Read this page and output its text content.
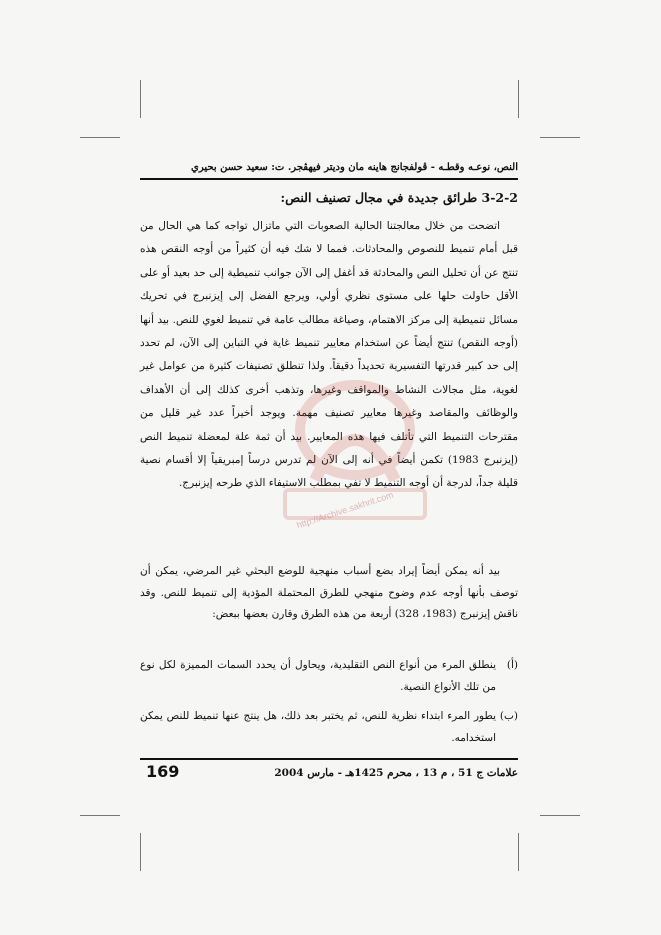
النص، نوعـه وقطـه - ڤولفجانج هاينه مان وديتر فيهڤجر. ت: سعيد حسن بحيري
3-2-2 طرائق جديدة في مجال تصنيف النص:

اتضحت من خلال معالجتنا الحالية الصعوبات التي ماتزال تواجه كما هي الحال من قبل أمام تنميط للنصوص والمحادثات. فمما لا شك فيه أن كثيراً من أوجه النقص هذه تنتج عن أن تحليل النص والمحادثة قد أغفل إلى الآن جوانب تنميطية إلى حد بعيد أو على الأقل حاولت حلها على مستوى نظري أولي، ويرجع الفضل إلى إيزنبرج في تحريك مسائل تنميطية إلى مركز الاهتمام، وصياغة مطالب عامة في تنميط لغوي للنص. بيد أنها (أوجه النقص) تنتج أيضاً عن استخدام معايير تنميط غاية في التباين إلى الآن، لم تحدد إلى حد كبير قدرتها التفسيرية تحديداً دقيقاً. ولذا تنطلق تصنيفات كثيرة من عوامل غير لغوية، مثل مجالات النشاط والمواقف وغيرها، وتذهب أخرى كذلك إلى أن الأهداف والوظائف والمقاصد وغيرها معايير تصنيف مهمة. ويوجد أخيراً عدد غير قليل من مقترحات التنميط التي تأتلف فيها هذه المعايير. بيد أن ثمة علة لمعضلة تنميط النص (إيزنبرج 1983) تكمن أيضاً في أنه إلى الآن لم تدرس درساً إمبريقياً إلا أقسام نصية قليلة جداً، لدرجة أن أوجه التنميط لا تفي بمطلب الاستيفاء الذي طرحه إيزنبرج.

بيد أنه يمكن أيضاً إيراد بضع أسباب منهجية للوضع البحثي غير المرضي، يمكن أن توصف بأنها أوجه عدم وضوح منهجي للطرق المحتملة المؤدية إلى تنميط للنص. وقد ناقش إيزنبرج (1983، 328) أربعة من هذه الطرق وقارن بعضها ببعض:

(أ)
ينطلق المرء من أنواع النص التقليدية، ويحاول أن يحدد السمات المميزة لكل نوع من تلك الأنواع النصية.

(ب)
يطور المرء ابتداء نظرية للنص، ثم يختبر بعد ذلك، هل ينتج عنها تنميط للنص يمكن استخدامه.

علامات ج 51 ، م 13 ، محرم 1425هـ - مارس 2004
169
http://Archive.sakhrit.com
